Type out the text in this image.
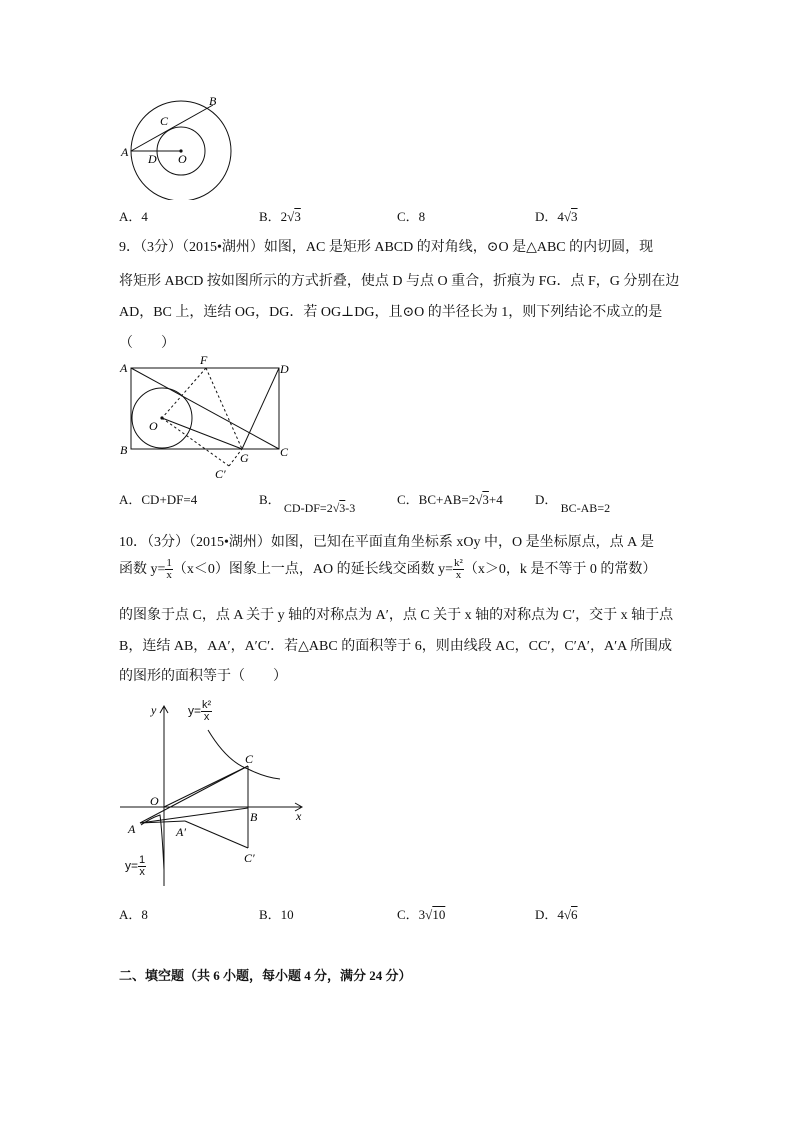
A
B
C
D O
A．4	B．2√3	C．8	D．4√3
9．（3分）（2015•湖州）如图，AC 是矩形 ABCD 的对角线，⊙O 是△ABC 的内切圆，现
将矩形 ABCD 按如图所示的方式折叠，使点 D 与点 O 重合，折痕为 FG．点 F，G 分别在边
AD，BC 上，连结 OG，DG．若 OG⊥DG，且⊙O 的半径长为 1，则下列结论不成立的是
（　　）
A	D
F
O
B
G	C
C′
A．CD+DF=4	B． CD-DF=2√3-3
C．BC+AB=2√3+4 D． BC-AB=2
10．（3分）（2015•湖州）如图，已知在平面直角坐标系 xOy 中，O 是坐标原点，点 A 是
函数 $y= \frac{1}{x} (x<0)$图象上一点，AO 的延长线交函数 $y= \frac{\text{k²}}{x} (x>0$，k 是不等于 0 的常数）
的图象于点 C，点 A 关于 y 轴的对称点为 A′，点 C 关于 x 轴的对称点为 C′，交于 x 轴于点
B，连结 AB，AA′，A′C′．若△ABC 的面积等于 6，则由线段 AC，CC′，C′A′，A′A 所围成
的图形的面积等于（　　）
y
x
O
A	A′
B
C
C′
$y= \frac{\text{k²}}{x}$
$y= \frac{1}{x}$
A．8	B．10	C．3√10	D．4√6
二、填空题（共 6 小题，每小题 4 分，满分 24 分）
